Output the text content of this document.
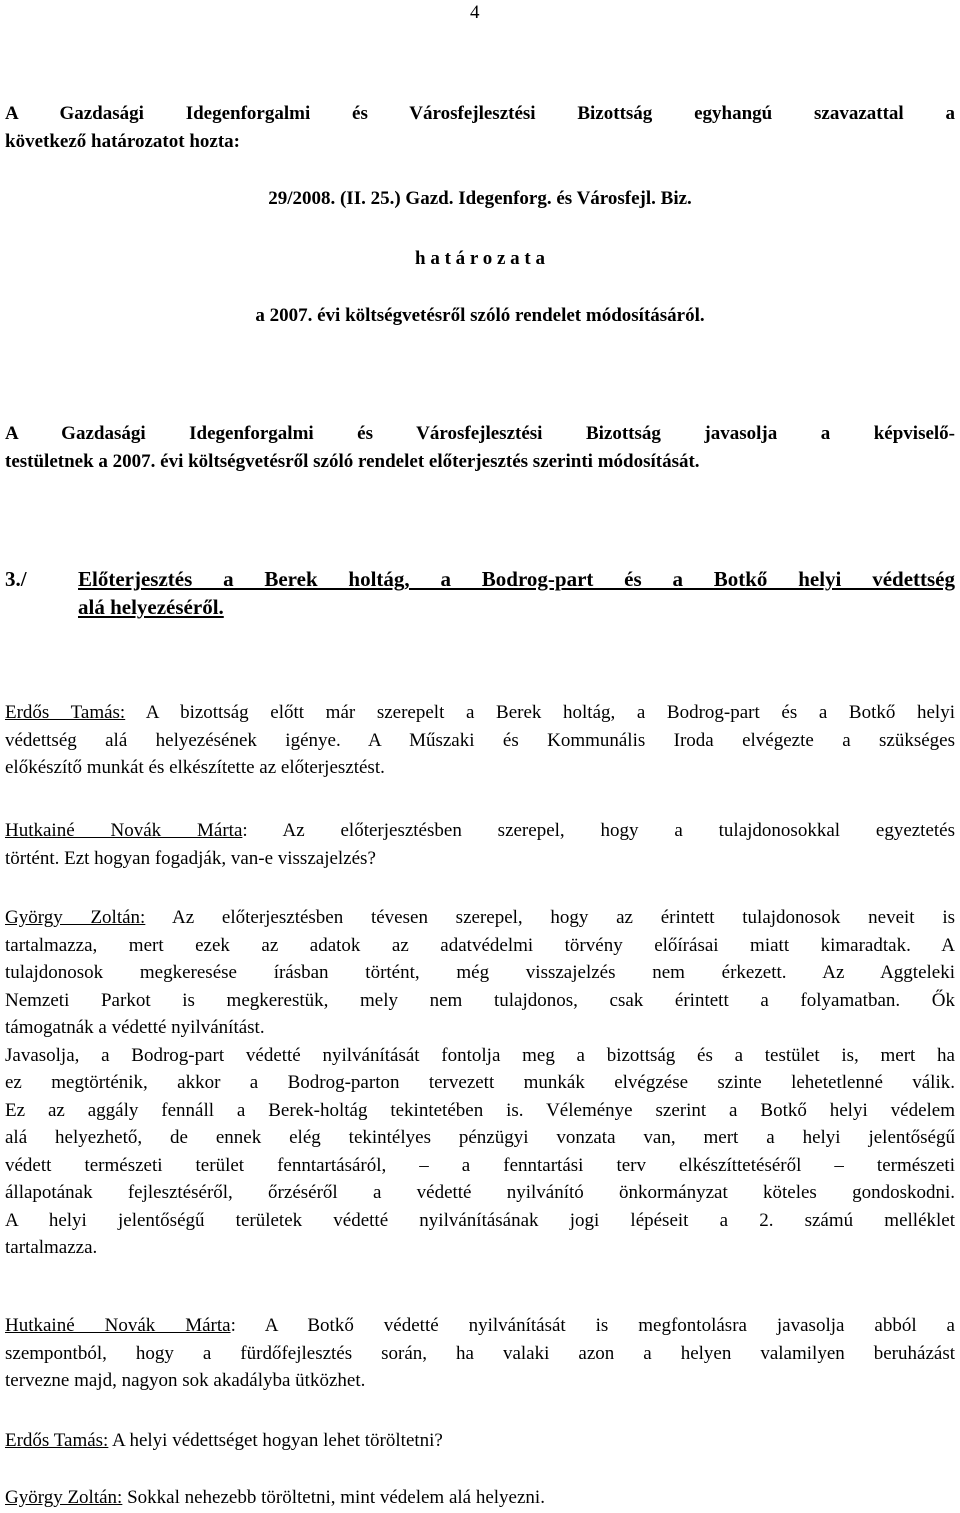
4
A Gazdasági Idegenforgalmi és Városfejlesztési Bizottság egyhangú szavazattal a
következő határozatot hozta:
29/2008. (II. 25.) Gazd. Idegenforg. és Városfejl. Biz.
h a t á r o z a t a
a 2007. évi költségvetésről szóló rendelet módosításáról.
A Gazdasági Idegenforgalmi és Városfejlesztési Bizottság javasolja a képviselő-
testületnek a 2007. évi költségvetésről szóló rendelet előterjesztés szerinti módosítását.
3./ Előterjesztés a Berek holtág, a Bodrog-part és a Botkő helyi védettség
alá helyezéséről.
Erdős Tamás: A bizottság előtt már szerepelt a Berek holtág, a Bodrog-part és a Botkő helyi
védettség alá helyezésének igénye. A Műszaki és Kommunális Iroda elvégezte a szükséges
előkészítő munkát és elkészítette az előterjesztést.
Hutkainé Novák Márta: Az előterjesztésben szerepel, hogy a tulajdonosokkal egyeztetés
történt. Ezt hogyan fogadják, van-e visszajelzés?
György Zoltán: Az előterjesztésben tévesen szerepel, hogy az érintett tulajdonosok neveit is
tartalmazza, mert ezek az adatok az adatvédelmi törvény előírásai miatt kimaradtak. A
tulajdonosok megkeresése írásban történt, még visszajelzés nem érkezett. Az Aggteleki
Nemzeti Parkot is megkerestük, mely nem tulajdonos, csak érintett a folyamatban. Ők
támogatnák a védetté nyilvánítást.
Javasolja, a Bodrog-part védetté nyilvánítását fontolja meg a bizottság és a testület is, mert ha
ez megtörténik, akkor a Bodrog-parton tervezett munkák elvégzése szinte lehetetlenné válik.
Ez az aggály fennáll a Berek-holtág tekintetében is. Véleménye szerint a Botkő helyi védelem
alá helyezhető, de ennek elég tekintélyes pénzügyi vonzata van, mert a helyi jelentőségű
védett természeti terület fenntartásáról, – a fenntartási terv elkészíttetéséről – természeti
állapotának fejlesztéséről, őrzéséről a védetté nyilvánító önkormányzat köteles gondoskodni.
A helyi jelentőségű területek védetté nyilvánításának jogi lépéseit a 2. számú melléklet
tartalmazza.
Hutkainé Novák Márta: A Botkő védetté nyilvánítását is megfontolásra javasolja abból a
szempontból, hogy a fürdőfejlesztés során, ha valaki azon a helyen valamilyen beruházást
tervezne majd, nagyon sok akadályba ütközhet.
Erdős Tamás: A helyi védettséget hogyan lehet töröltetni?
György Zoltán: Sokkal nehezebb töröltetni, mint védelem alá helyezni.
